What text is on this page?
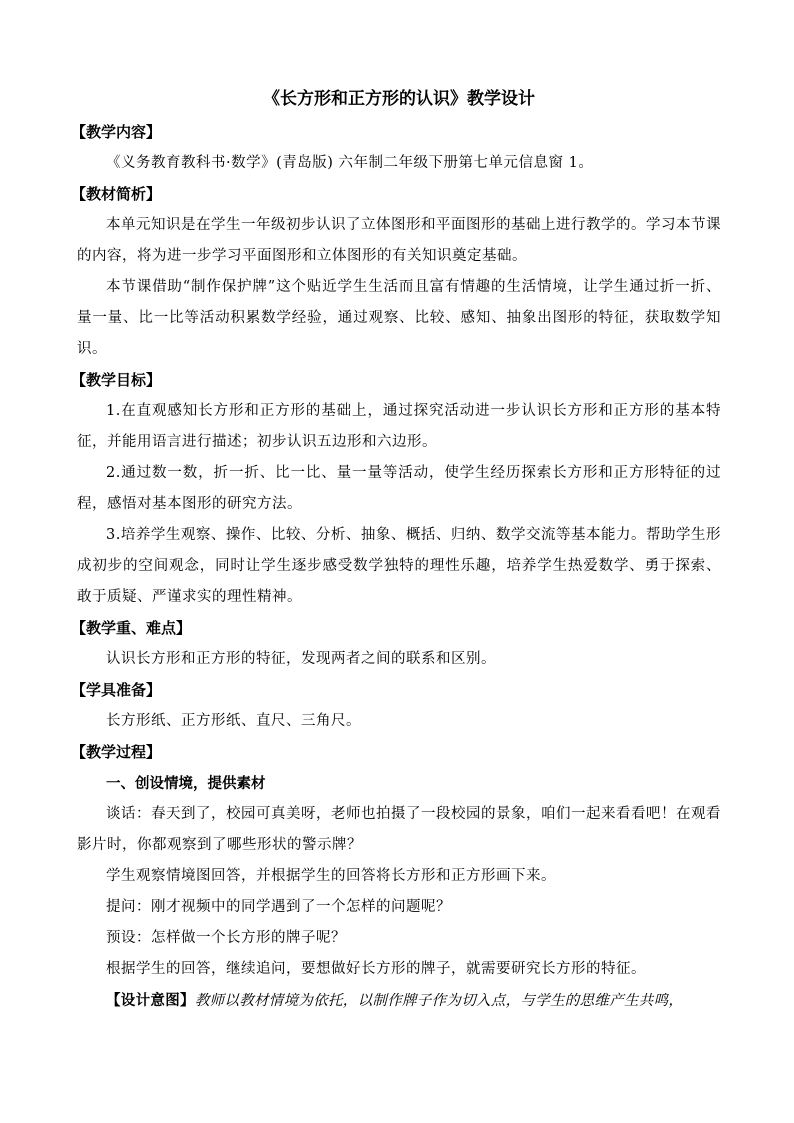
《长方形和正方形的认识》教学设计

【教学内容】

《义务教育教科书·数学》(青岛版) 六年制二年级下册第七单元信息窗 1。

【教材简析】

本单元知识是在学生一年级初步认识了立体图形和平面图形的基础上进行教学的。学习本节课的内容，将为进一步学习平面图形和立体图形的有关知识奠定基础。

本节课借助“制作保护牌”这个贴近学生生活而且富有情趣的生活情境，让学生通过折一折、量一量、比一比等活动积累数学经验，通过观察、比较、感知、抽象出图形的特征，获取数学知识。

【教学目标】

1.在直观感知长方形和正方形的基础上，通过探究活动进一步认识长方形和正方形的基本特征，并能用语言进行描述；初步认识五边形和六边形。

2.通过数一数，折一折、比一比、量一量等活动，使学生经历探索长方形和正方形特征的过程，感悟对基本图形的研究方法。

3.培养学生观察、操作、比较、分析、抽象、概括、归纳、数学交流等基本能力。帮助学生形成初步的空间观念，同时让学生逐步感受数学独特的理性乐趣，培养学生热爱数学、勇于探索、敢于质疑、严谨求实的理性精神。

【教学重、难点】

认识长方形和正方形的特征，发现两者之间的联系和区别。

【学具准备】

长方形纸、正方形纸、直尺、三角尺。

【教学过程】

一、创设情境，提供素材

谈话：春天到了，校园可真美呀，老师也拍摄了一段校园的景象，咱们一起来看看吧！在观看影片时，你都观察到了哪些形状的警示牌？

学生观察情境图回答，并根据学生的回答将长方形和正方形画下来。

提问：刚才视频中的同学遇到了一个怎样的问题呢？

预设：怎样做一个长方形的牌子呢？

根据学生的回答，继续追问，要想做好长方形的牌子，就需要研究长方形的特征。

【设计意图】教师以教材情境为依托，以制作牌子作为切入点，与学生的思维产生共鸣，
